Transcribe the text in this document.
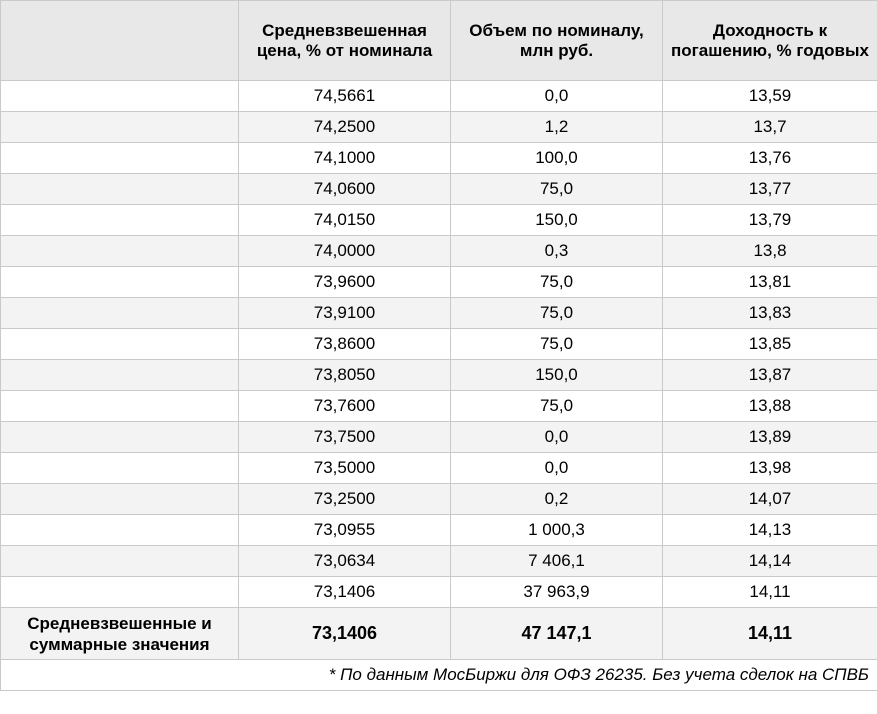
	Средневзвешенная цена, % от номинала	Объем по номиналу, млн руб.	Доходность к погашению, % годовых
	74,5661	0,0	13,59
	74,2500	1,2	13,7
	74,1000	100,0	13,76
	74,0600	75,0	13,77
	74,0150	150,0	13,79
	74,0000	0,3	13,8
	73,9600	75,0	13,81
	73,9100	75,0	13,83
	73,8600	75,0	13,85
	73,8050	150,0	13,87
	73,7600	75,0	13,88
	73,7500	0,0	13,89
	73,5000	0,0	13,98
	73,2500	0,2	14,07
	73,0955	1 000,3	14,13
	73,0634	7 406,1	14,14
	73,1406	37 963,9	14,11
Средневзвешенные и суммарные значения	73,1406	47 147,1	14,11
* По данным МосБиржи для ОФЗ 26235. Без учета сделок на СПВБ			
